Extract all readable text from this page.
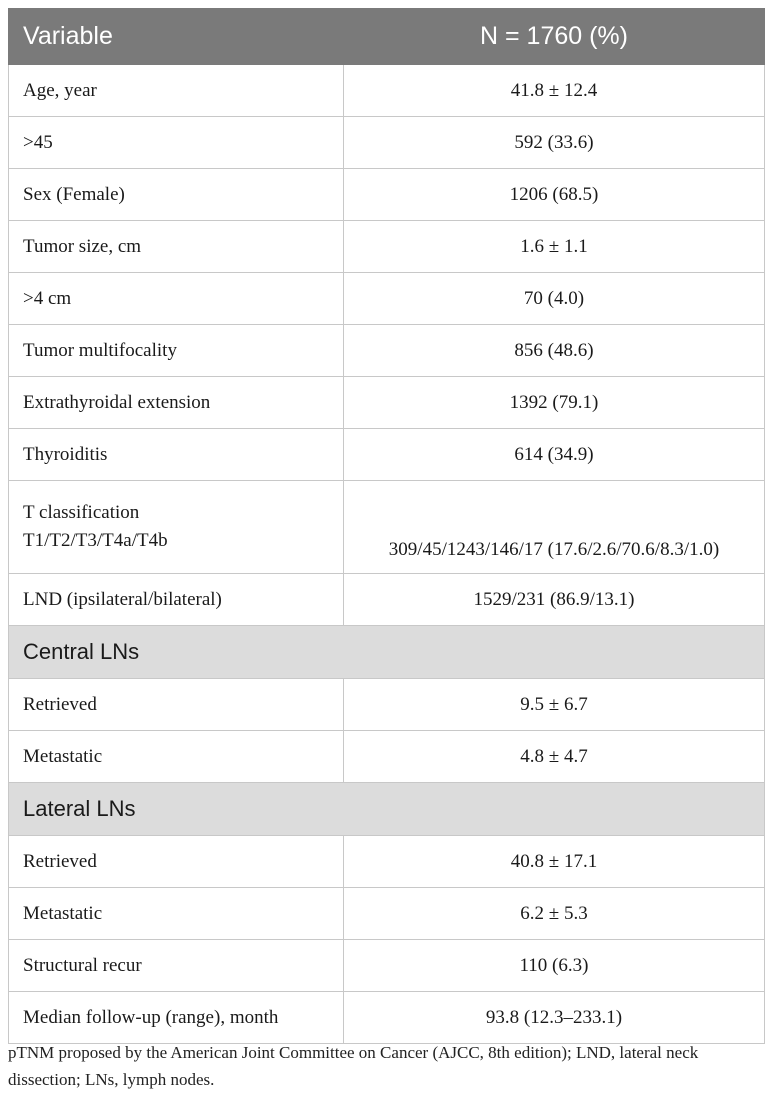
Variable	N = 1760 (%)
Age, year	41.8 ± 12.4
>45	592 (33.6)
Sex (Female)	1206 (68.5)
Tumor size, cm	1.6 ± 1.1
>4 cm	70 (4.0)
Tumor multifocality	856 (48.6)
Extrathyroidal extension	1392 (79.1)
Thyroiditis	614 (34.9)
T classification
T1/T2/T3/T4a/T4b	309/45/1243/146/17 (17.6/2.6/70.6/8.3/1.0)
LND (ipsilateral/bilateral)	1529/231 (86.9/13.1)
Central LNs	
Retrieved	9.5 ± 6.7
Metastatic	4.8 ± 4.7
Lateral LNs	
Retrieved	40.8 ± 17.1
Metastatic	6.2 ± 5.3
Structural recur	110 (6.3)
Median follow-up (range), month	93.8 (12.3–233.1)
pTNM proposed by the American Joint Committee on Cancer (AJCC, 8th edition); LND, lateral neck dissection; LNs, lymph nodes.
